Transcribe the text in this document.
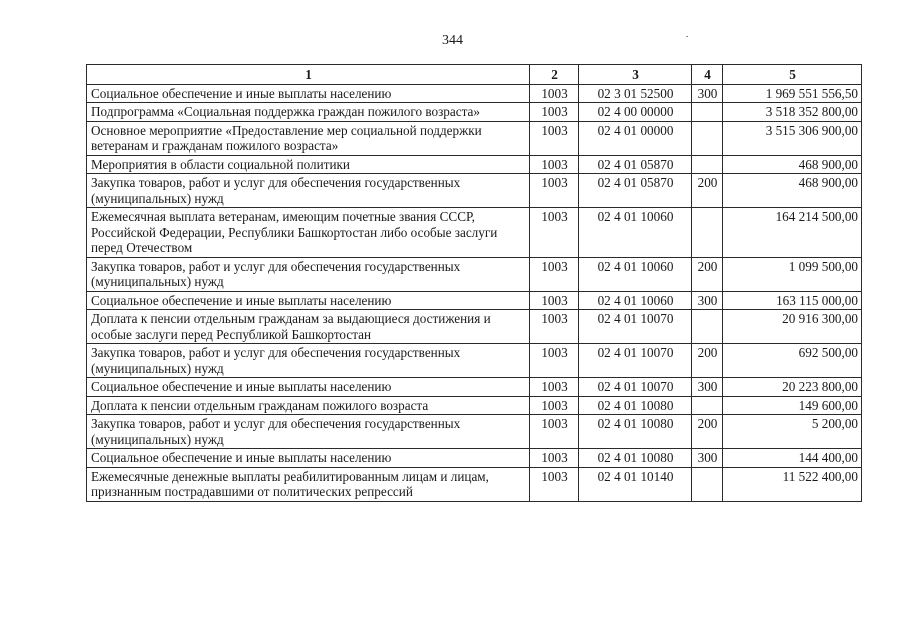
344
1	2	3	4	5
Социальное обеспечение и иные выплаты населению	1003	02 3 01 52500	300	1 969 551 556,50
Подпрограмма «Социальная поддержка граждан пожилого возраста»	1003	02 4 00 00000		3 518 352 800,00
Основное мероприятие «Предоставление мер социальной поддержки ветеранам и гражданам пожилого возраста»	1003	02 4 01 00000		3 515 306 900,00
Мероприятия в области социальной политики	1003	02 4 01 05870		468 900,00
Закупка товаров, работ и услуг для обеспечения государственных (муниципальных) нужд	1003	02 4 01 05870	200	468 900,00
Ежемесячная выплата ветеранам, имеющим почетные звания СССР, Российской Федерации, Республики Башкортостан либо особые заслуги перед Отечеством	1003	02 4 01 10060		164 214 500,00
Закупка товаров, работ и услуг для обеспечения государственных (муниципальных) нужд	1003	02 4 01 10060	200	1 099 500,00
Социальное обеспечение и иные выплаты населению	1003	02 4 01 10060	300	163 115 000,00
Доплата к пенсии отдельным гражданам за выдающиеся достижения и особые заслуги перед Республикой Башкортостан	1003	02 4 01 10070		20 916 300,00
Закупка товаров, работ и услуг для обеспечения государственных (муниципальных) нужд	1003	02 4 01 10070	200	692 500,00
Социальное обеспечение и иные выплаты населению	1003	02 4 01 10070	300	20 223 800,00
Доплата к пенсии отдельным гражданам пожилого возраста	1003	02 4 01 10080		149 600,00
Закупка товаров, работ и услуг для обеспечения государственных (муниципальных) нужд	1003	02 4 01 10080	200	5 200,00
Социальное обеспечение и иные выплаты населению	1003	02 4 01 10080	300	144 400,00
Ежемесячные денежные выплаты реабилитированным лицам и лицам, признанным пострадавшими от политических репрессий	1003	02 4 01 10140		11 522 400,00
